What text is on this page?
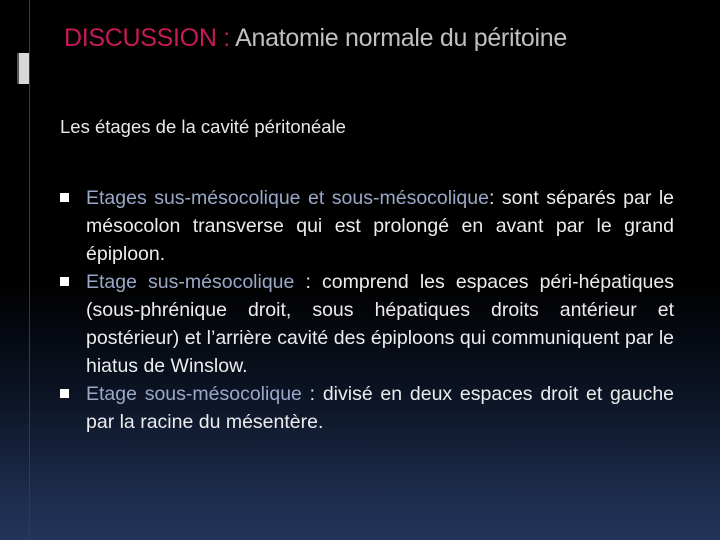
DISCUSSION : Anatomie normale du péritoine

Les étages de la cavité péritonéale

Etages sus-mésocolique et sous-mésocolique: sont séparés par le mésocolon transverse qui est prolongé en avant par le grand épiploon.
Etage sus-mésocolique : comprend les espaces péri-hépatiques (sous-phrénique droit, sous hépatiques droits antérieur et postérieur) et l’arrière cavité des épiploons qui communiquent par le hiatus de Winslow.
Etage sous-mésocolique : divisé en deux espaces droit et gauche par la racine du mésentère.
